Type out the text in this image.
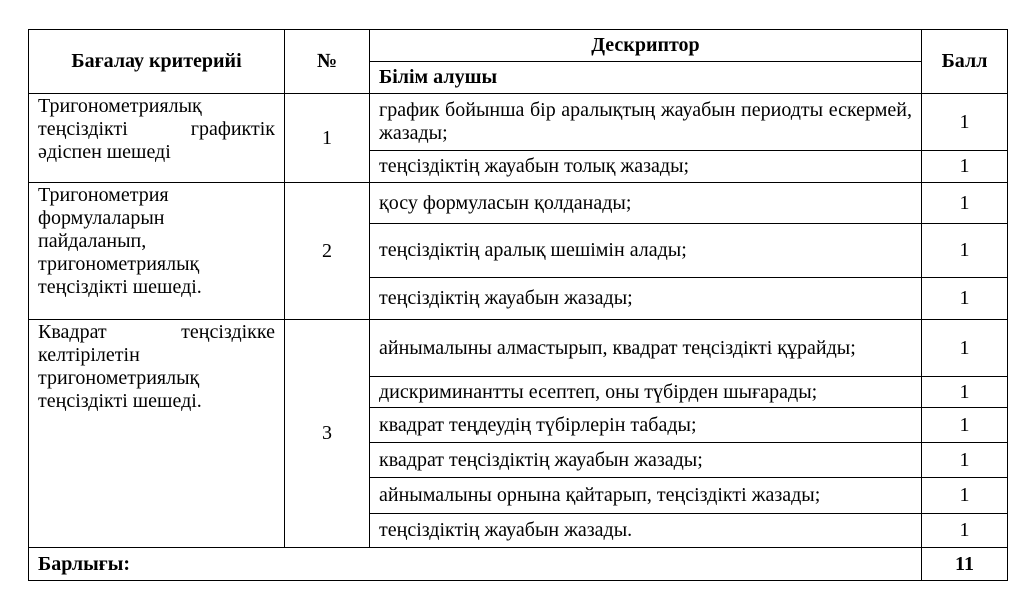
Бағалау критерийі	№	Дескриптор	Балл
		Білім алушы	
Тригонометриялық теңсіздікті графиктік әдіспен шешеді	1	график бойынша бір аралықтың жауабын периодты ескермей, жазады;	1
		теңсіздіктің жауабын толық жазады;	1
Тригонометрия формулаларын пайдаланып, тригонометриялық теңсіздікті шешеді.	2	қосу формуласын қолданады;	1
		теңсіздіктің аралық шешімін алады;	1
		теңсіздіктің жауабын жазады;	1
Квадрат теңсіздікке келтірілетін тригонометриялық теңсіздікті шешеді.	3	айнымалыны алмастырып, квадрат теңсіздікті құрайды;	1
		дискриминантты есептеп, оны түбірден шығарады;	1
		квадрат теңдеудің түбірлерін табады;	1
		квадрат теңсіздіктің жауабын жазады;	1
		айнымалыны орнына қайтарып, теңсіздікті жазады;	1
		теңсіздіктің жауабын жазады.	1
Барлығы:			11
